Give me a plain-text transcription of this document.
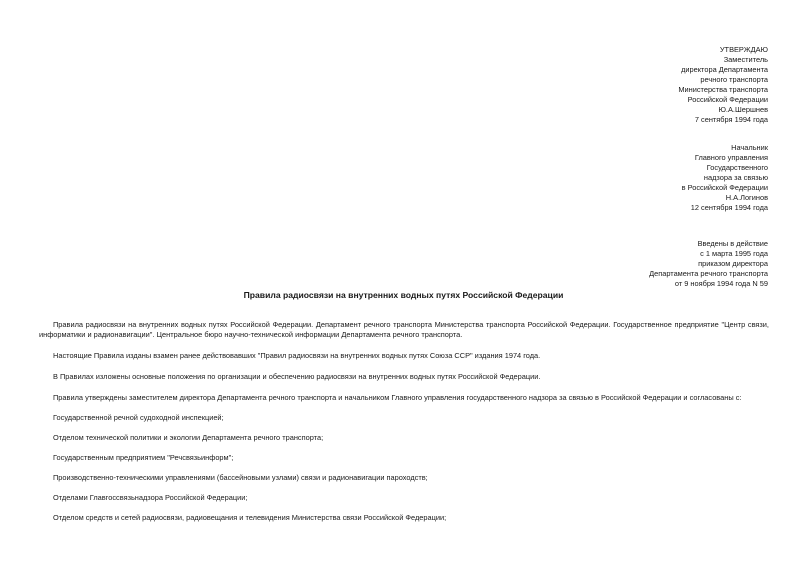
УТВЕРЖДАЮ
Заместитель
директора Департамента
речного транспорта
Министерства транспорта
Российской Федерации
Ю.А.Шершнев
7 сентября 1994 года
Начальник
Главного управления
Государственного
надзора за связью
в Российской Федерации
Н.А.Логинов
12 сентября 1994 года
Введены в действие
с 1 марта 1995 года
приказом директора
Департамента речного транспорта
от 9 ноября 1994 года N 59
Правила радиосвязи на внутренних водных путях Российской Федерации

Правила радиосвязи на внутренних водных путях Российской Федерации. Департамент речного транспорта Министерства транспорта Российской Федерации. Государственное предприятие "Центр связи, информатики и радионавигации". Центральное бюро научно-технической информации Департамента речного транспорта.

Настоящие Правила изданы взамен ранее действовавших "Правил радиосвязи на внутренних водных путях Союза ССР" издания 1974 года.

В Правилах изложены основные положения по организации и обеспечению радиосвязи на внутренних водных путях Российской Федерации.

Правила утверждены заместителем директора Департамента речного транспорта и начальником Главного управления государственного надзора за связью в Российской Федерации и согласованы с:

Государственной речной судоходной инспекцией;

Отделом технической политики и экологии Департамента речного транспорта;

Государственным предприятием "Речсвязьинформ";

Производственно-техническими управлениями (бассейновыми узлами) связи и радионавигации пароходств;

Отделами Главгоссвязьнадзора Российской Федерации;

Отделом средств и сетей радиосвязи, радиовещания и телевидения Министерства связи Российской Федерации;
